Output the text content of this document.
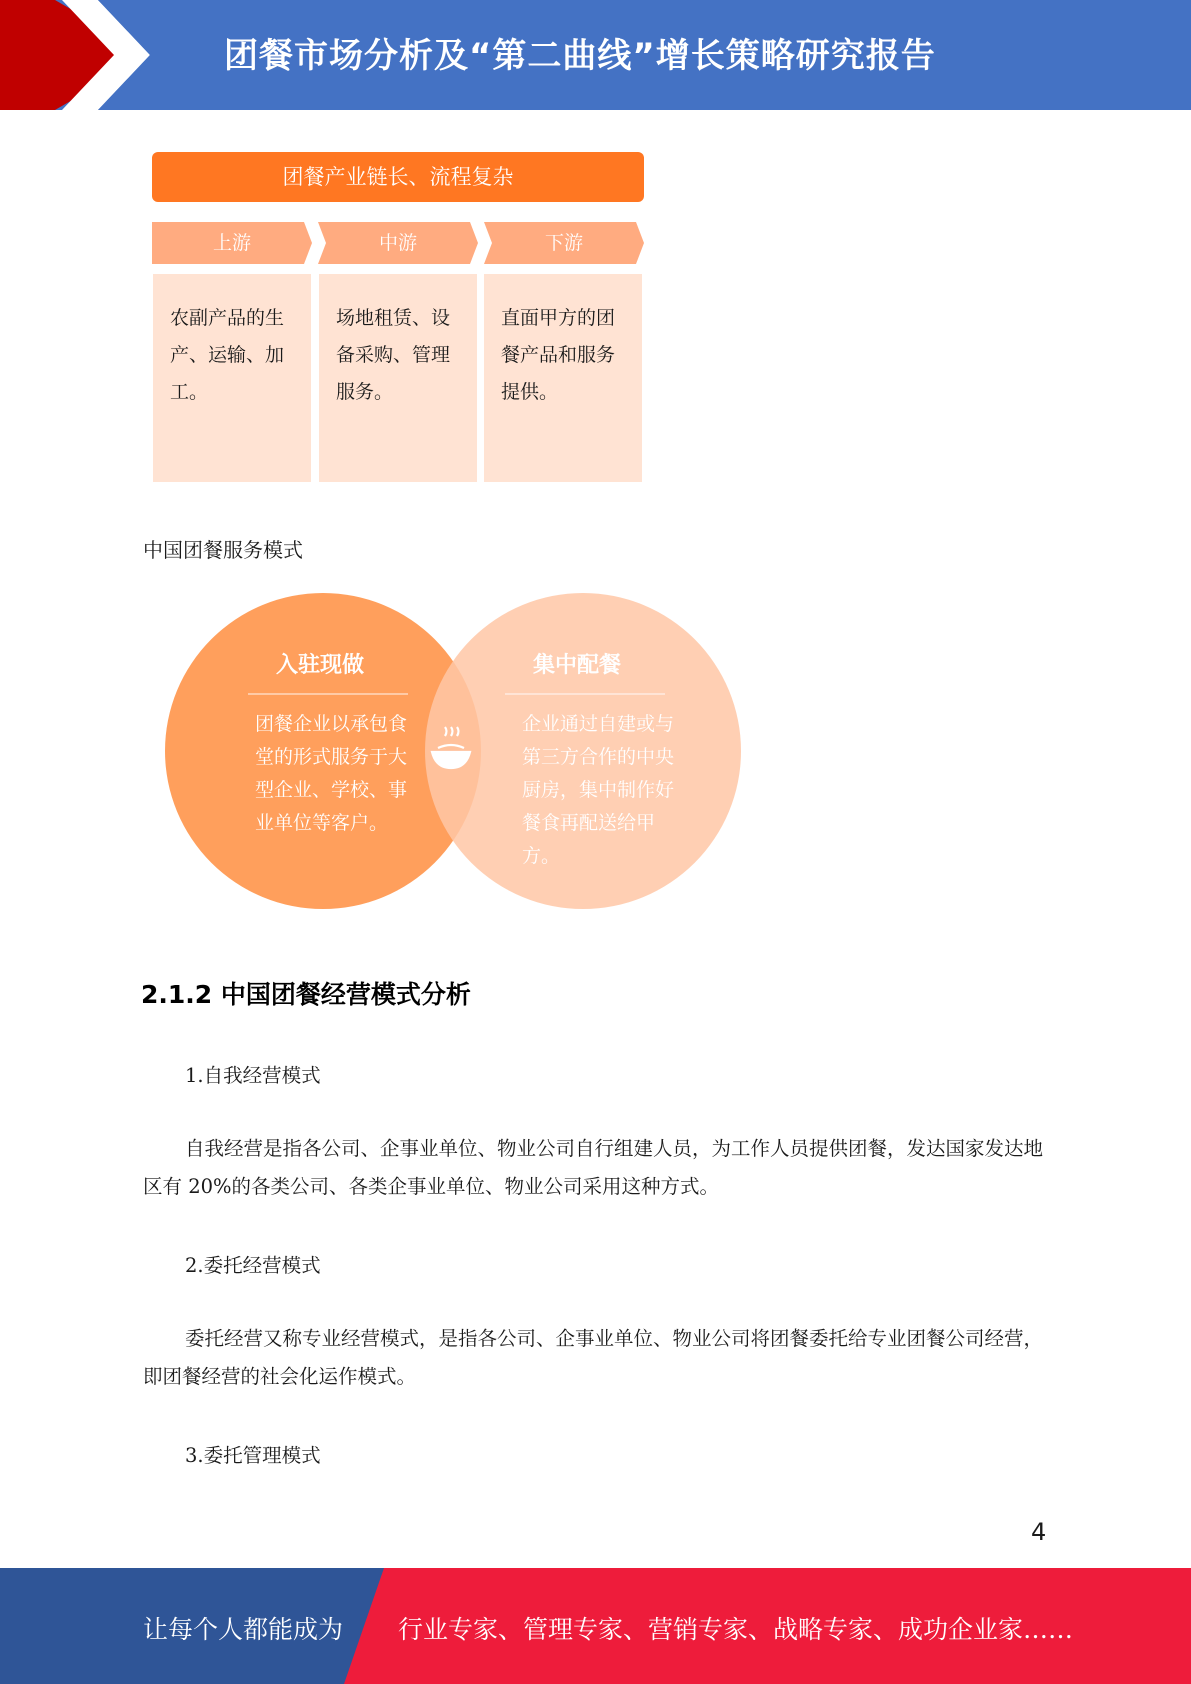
团餐市场分析及“第二曲线”增长策略研究报告
团餐产业链长、流程复杂
上游	中游	下游
农副产品的生产、运输、加工。
场地租赁、设备采购、管理服务。
直面甲方的团餐产品和服务提供。
中国团餐服务模式
入驻现做
团餐企业以承包食堂的形式服务于大型企业、学校、事业单位等客户。
集中配餐
企业通过自建或与第三方合作的中央厨房，集中制作好餐食再配送给甲方。
2.1.2 中国团餐经营模式分析
1.自我经营模式
自我经营是指各公司、企事业单位、物业公司自行组建人员，为工作人员提供团餐，发达国家发达地区有 20%的各类公司、各类企事业单位、物业公司采用这种方式。
2.委托经营模式
委托经营又称专业经营模式，是指各公司、企事业单位、物业公司将团餐委托给专业团餐公司经营，即团餐经营的社会化运作模式。
3.委托管理模式
4
让每个人都能成为 行业专家、管理专家、营销专家、战略专家、成功企业家……
